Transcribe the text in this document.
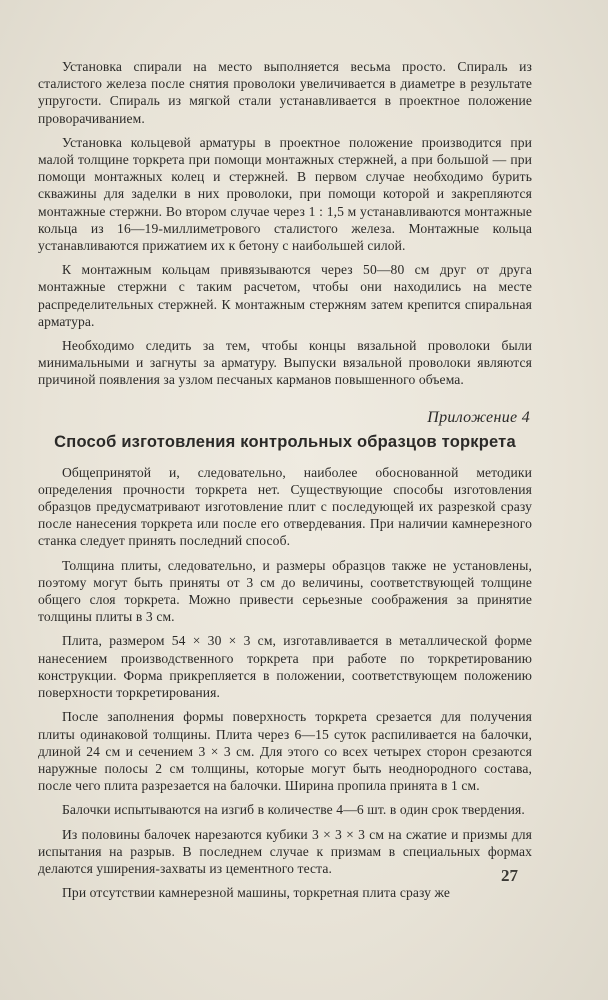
Установка спирали на место выполняется весьма просто. Спираль из сталистого железа после снятия проволоки увеличивается в диаметре в результате упругости. Спираль из мягкой стали устанавливается в проектное положение проворачиванием.

Установка кольцевой арматуры в проектное положение производится при малой толщине торкрета при помощи монтажных стержней, а при большой — при помощи монтажных колец и стержней. В первом случае необходимо бурить скважины для заделки в них проволоки, при помощи которой и закрепляются монтажные стержни. Во втором случае через 1 : 1,5 м устанавливаются монтажные кольца из 16—19-миллиметрового сталистого железа. Монтажные кольца устанавливаются прижатием их к бетону с наибольшей силой.

К монтажным кольцам привязываются через 50—80 см друг от друга монтажные стержни с таким расчетом, чтобы они находились на месте распределительных стержней. К монтажным стержням затем крепится спиральная арматура.

Необходимо следить за тем, чтобы концы вязальной проволоки были минимальными и загнуты за арматуру. Выпуски вязальной проволоки являются причиной появления за узлом песчаных карманов повышенного объема.

Приложение 4
Способ изготовления контрольных образцов торкрета

Общепринятой и, следовательно, наиболее обоснованной методики определения прочности торкрета нет. Существующие способы изготовления образцов предусматривают изготовление плит с последующей их разрезкой сразу после нанесения торкрета или после его отвердевания. При наличии камнерезного станка следует принять последний способ.

Толщина плиты, следовательно, и размеры образцов также не установлены, поэтому могут быть приняты от 3 см до величины, соответствующей толщине общего слоя торкрета. Можно привести серьезные соображения за принятие толщины плиты в 3 см.

Плита, размером 54 × 30 × 3 см, изготавливается в металлической форме нанесением производственного торкрета при работе по торкретированию конструкции. Форма прикрепляется в положении, соответствующем положению поверхности торкретирования.

После заполнения формы поверхность торкрета срезается для получения плиты одинаковой толщины. Плита через 6—15 суток распиливается на балочки, длиной 24 см и сечением 3 × 3 см. Для этого со всех четырех сторон срезаются наружные полосы 2 см толщины, которые могут быть неоднородного состава, после чего плита разрезается на балочки. Ширина пропила принята в 1 см.

Балочки испытываются на изгиб в количестве 4—6 шт. в один срок твердения.

Из половины балочек нарезаются кубики 3 × 3 × 3 см на сжатие и призмы для испытания на разрыв. В последнем случае к призмам в специальных формах делаются уширения-захваты из цементного теста.

При отсутствии камнерезной машины, торкретная плита сразу же

27
